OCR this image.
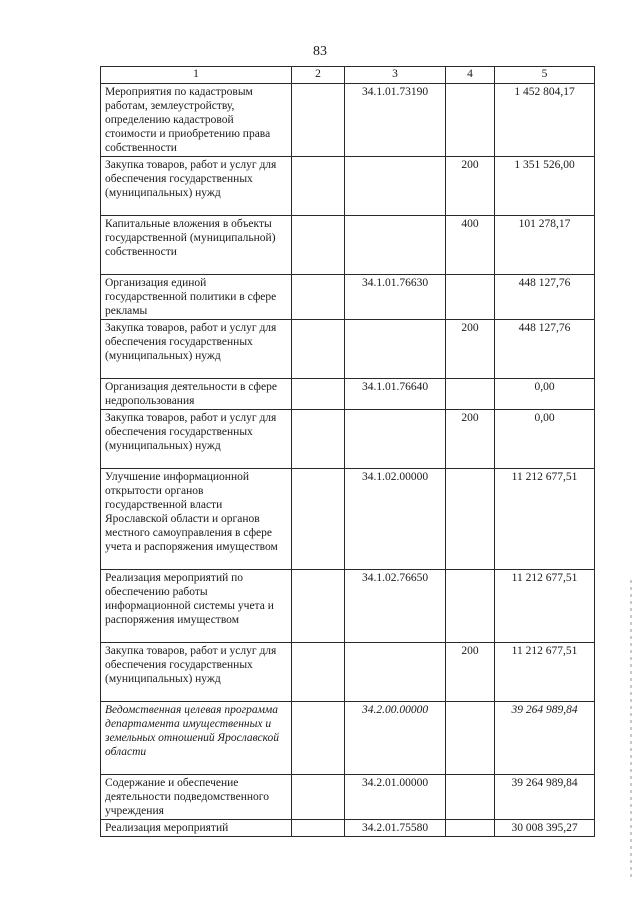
83
1	2	3	4	5
Мероприятия по кадастровым работам, землеустройству, определению кадастровой стоимости и приобретению права собственности		34.1.01.73190		1 452 804,17
Закупка товаров, работ и услуг для обеспечения государственных (муниципальных) нужд			200	1 351 526,00
Капитальные вложения в объекты государственной (муниципальной) собственности			400	101 278,17
Организация единой государственной политики в сфере рекламы		34.1.01.76630		448 127,76
Закупка товаров, работ и услуг для обеспечения государственных (муниципальных) нужд			200	448 127,76
Организация деятельности в сфере недропользования		34.1.01.76640		0,00
Закупка товаров, работ и услуг для обеспечения государственных (муниципальных) нужд			200	0,00
Улучшение информационной открытости органов государственной власти Ярославской области и органов местного самоуправления в сфере учета и распоряжения имуществом		34.1.02.00000		11 212 677,51
Реализация мероприятий по обеспечению работы информационной системы учета и распоряжения имуществом		34.1.02.76650		11 212 677,51
Закупка товаров, работ и услуг для обеспечения государственных (муниципальных) нужд			200	11 212 677,51
Ведомственная целевая программа департамента имущественных и земельных отношений Ярославской области		34.2.00.00000		39 264 989,84
Содержание и обеспечение деятельности подведомственного учреждения		34.2.01.00000		39 264 989,84
Реализация мероприятий		34.2.01.75580		30 008 395,27
